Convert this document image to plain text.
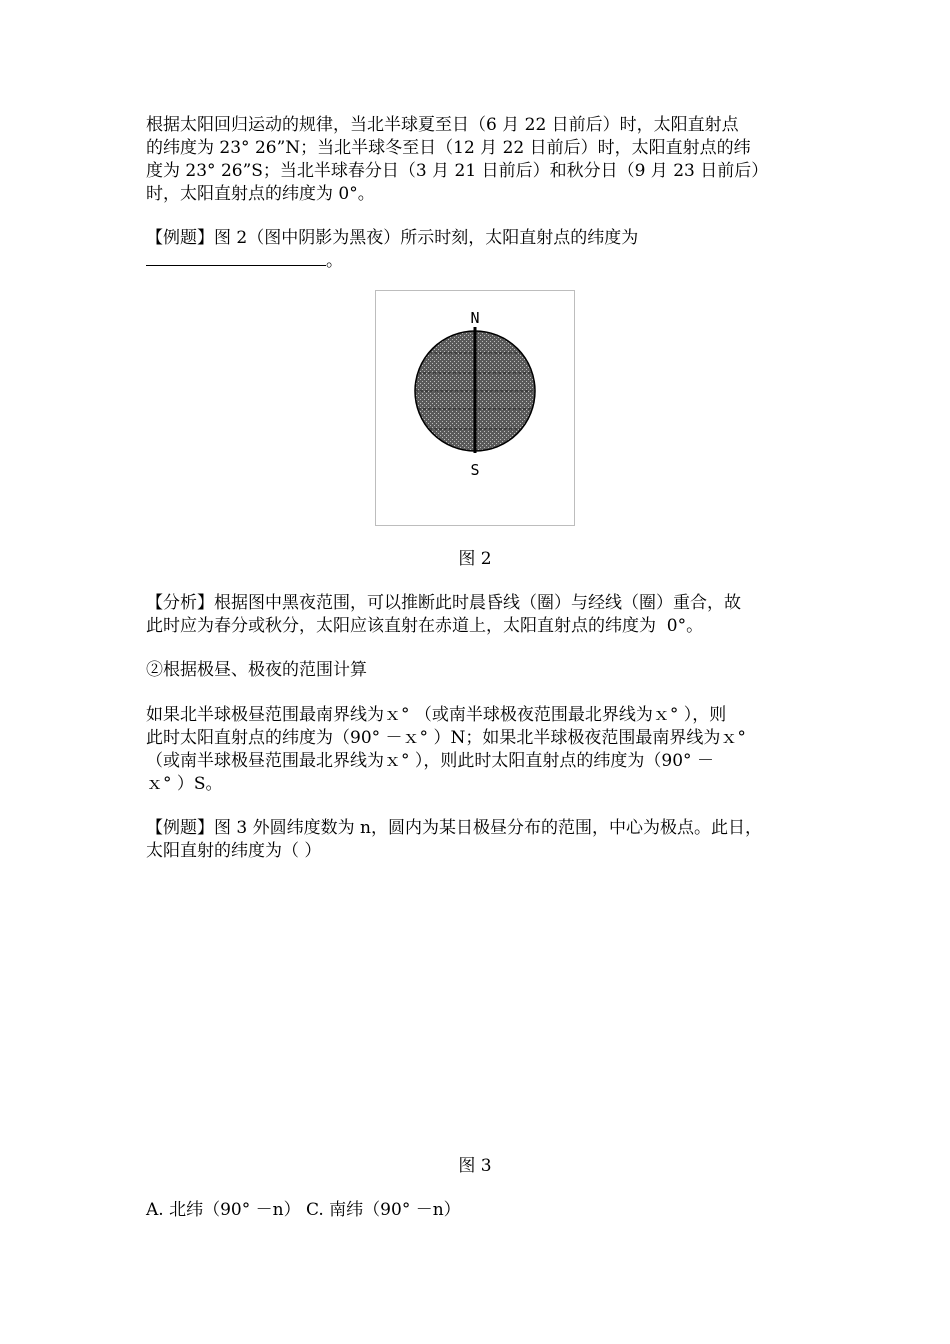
根据太阳回归运动的规律，当北半球夏至日（6 月 22 日前后）时，太阳直射点
的纬度为 23° 26”N；当北半球冬至日（12 月 22 日前后）时，太阳直射点的纬
度为 23° 26”S；当北半球春分日（3 月 21 日前后）和秋分日（9 月 23 日前后）
时，太阳直射点的纬度为 0°。

【例题】图 2（图中阴影为黑夜）所示时刻，太阳直射点的纬度为
。

N
S

图 2

【分析】根据图中黑夜范围，可以推断此时晨昏线（圈）与经线（圈）重合，故
此时应为春分或秋分，太阳应该直射在赤道上，太阳直射点的纬度为  0°。

②根据极昼、极夜的范围计算

如果北半球极昼范围最南界线为ｘ° （或南半球极夜范围最北界线为ｘ° ），则
此时太阳直射点的纬度为（90° －ｘ° ）N；如果北半球极夜范围最南界线为ｘ°
（或南半球极昼范围最北界线为ｘ° ），则此时太阳直射点的纬度为（90° －
ｘ° ）S。

【例题】图 3 外圆纬度数为 n，圆内为某日极昼分布的范围，中心为极点。此日，
太阳直射的纬度为（ ）

图 3

A. 北纬（90° －n） C. 南纬（90° －n）
